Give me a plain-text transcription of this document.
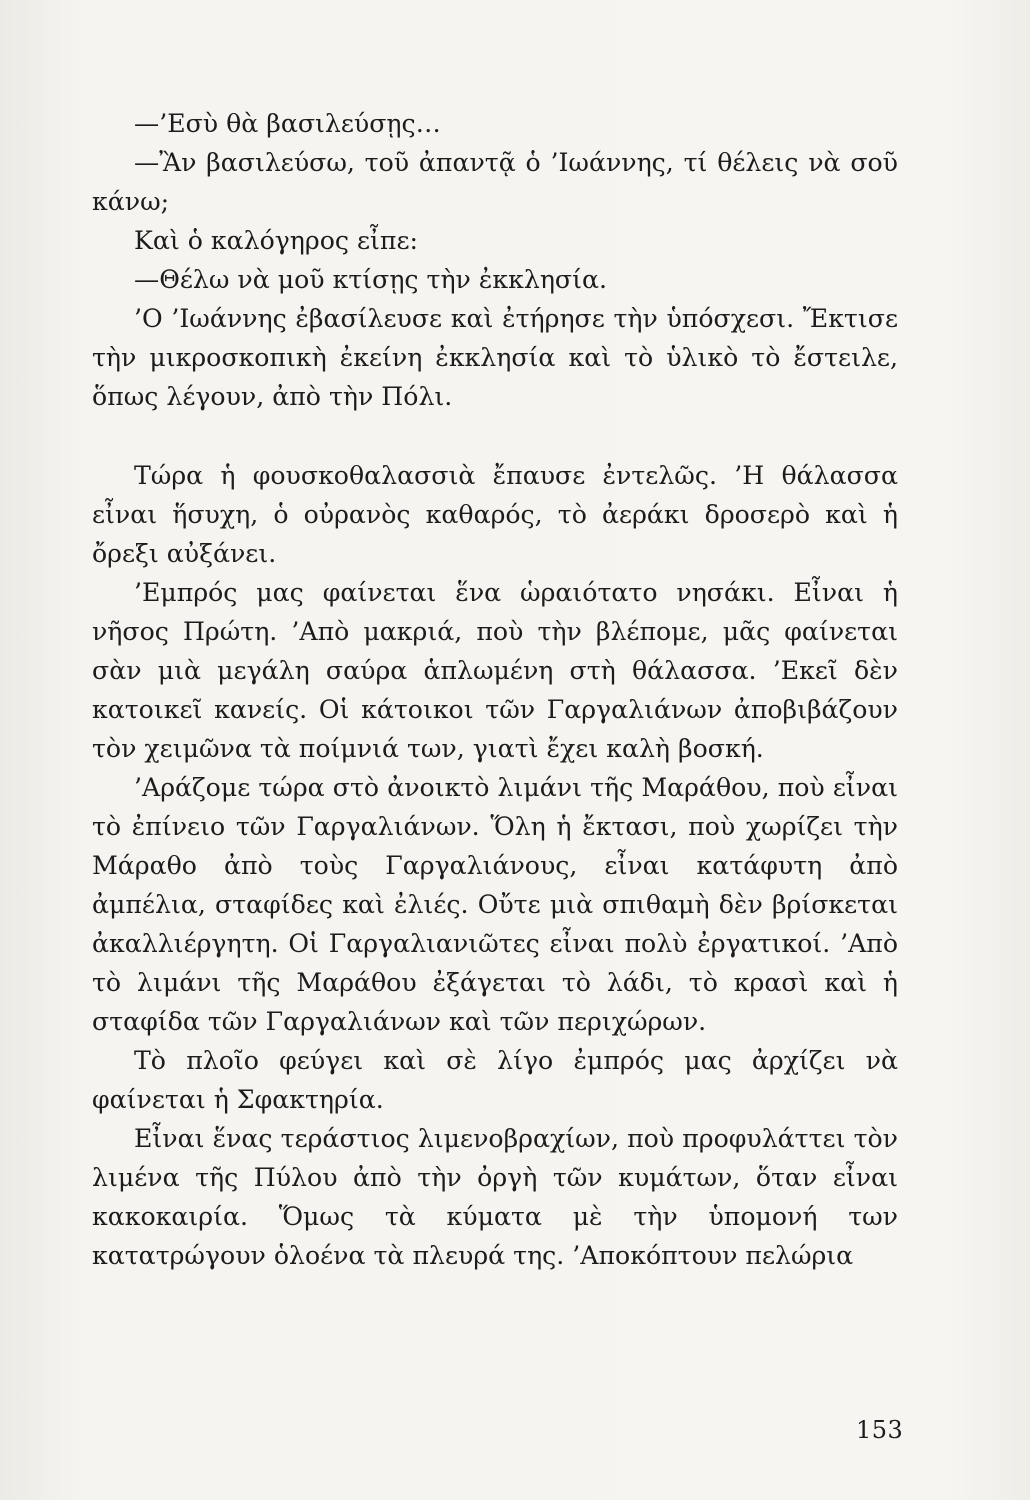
—’Εσὺ θὰ βασιλεύσῃς…

—Ἂν βασιλεύσω, τοῦ ἀπαντᾷ ὁ ’Ιωάννης, τί θέλεις νὰ σοῦ κάνω;

Καὶ ὁ καλόγηρος εἶπε:

—Θέλω νὰ μοῦ κτίσῃς τὴν ἐκκλησία.

’Ο ’Ιωάννης ἐβασίλευσε καὶ ἐτήρησε τὴν ὑπόσχεσι. Ἔκτισε τὴν μικροσκοπικὴ ἐκείνη ἐκκλησία καὶ τὸ ὑλικὸ τὸ ἔστειλε, ὅπως λέγουν, ἀπὸ τὴν Πόλι.

Τώρα ἡ φουσκοθαλασσιὰ ἔπαυσε ἐντελῶς. ’Η θάλασσα εἶναι ἥσυχη, ὁ οὐρανὸς καθαρός, τὸ ἀεράκι δροσερὸ καὶ ἡ ὄρεξι αὐξάνει.

’Εμπρός μας φαίνεται ἕνα ὡραιότατο νησάκι. Εἶναι ἡ νῆσος Πρώτη. ’Απὸ μακριά, ποὺ τὴν βλέπομε, μᾶς φαίνεται σὰν μιὰ μεγάλη σαύρα ἁπλωμένη στὴ θάλασσα. ’Εκεῖ δὲν κατοικεῖ κανείς. Οἱ κάτοικοι τῶν Γαργαλιάνων ἀποβιβάζουν τὸν χειμῶνα τὰ ποίμνιά των, γιατὶ ἔχει καλὴ βοσκή.

’Αράζομε τώρα στὸ ἀνοικτὸ λιμάνι τῆς Μαράθου, ποὺ εἶναι τὸ ἐπίνειο τῶν Γαργαλιάνων. Ὅλη ἡ ἔκτασι, ποὺ χωρίζει τὴν Μάραθο ἀπὸ τοὺς Γαργαλιάνους, εἶναι κατάφυτη ἀπὸ ἀμπέλια, σταφίδες καὶ ἐλιές. Οὔτε μιὰ σπιθαμὴ δὲν βρίσκεται ἀκαλλιέργητη. Οἱ Γαργαλιανιῶτες εἶναι πολὺ ἐργατικοί. ’Απὸ τὸ λιμάνι τῆς Μαράθου ἐξάγεται τὸ λάδι, τὸ κρασὶ καὶ ἡ σταφίδα τῶν Γαργαλιάνων καὶ τῶν περιχώρων.

Τὸ πλοῖο φεύγει καὶ σὲ λίγο ἐμπρός μας ἀρχίζει νὰ φαίνεται ἡ Σφακτηρία.

Εἶναι ἕνας τεράστιος λιμενοβραχίων, ποὺ προφυλάττει τὸν λιμένα τῆς Πύλου ἀπὸ τὴν ὀργὴ τῶν κυμάτων, ὅταν εἶναι κακοκαιρία. Ὅμως τὰ κύματα μὲ τὴν ὑπομονή των κατατρώγουν ὁλοένα τὰ πλευρά της. ’Αποκόπτουν πελώρια

153
